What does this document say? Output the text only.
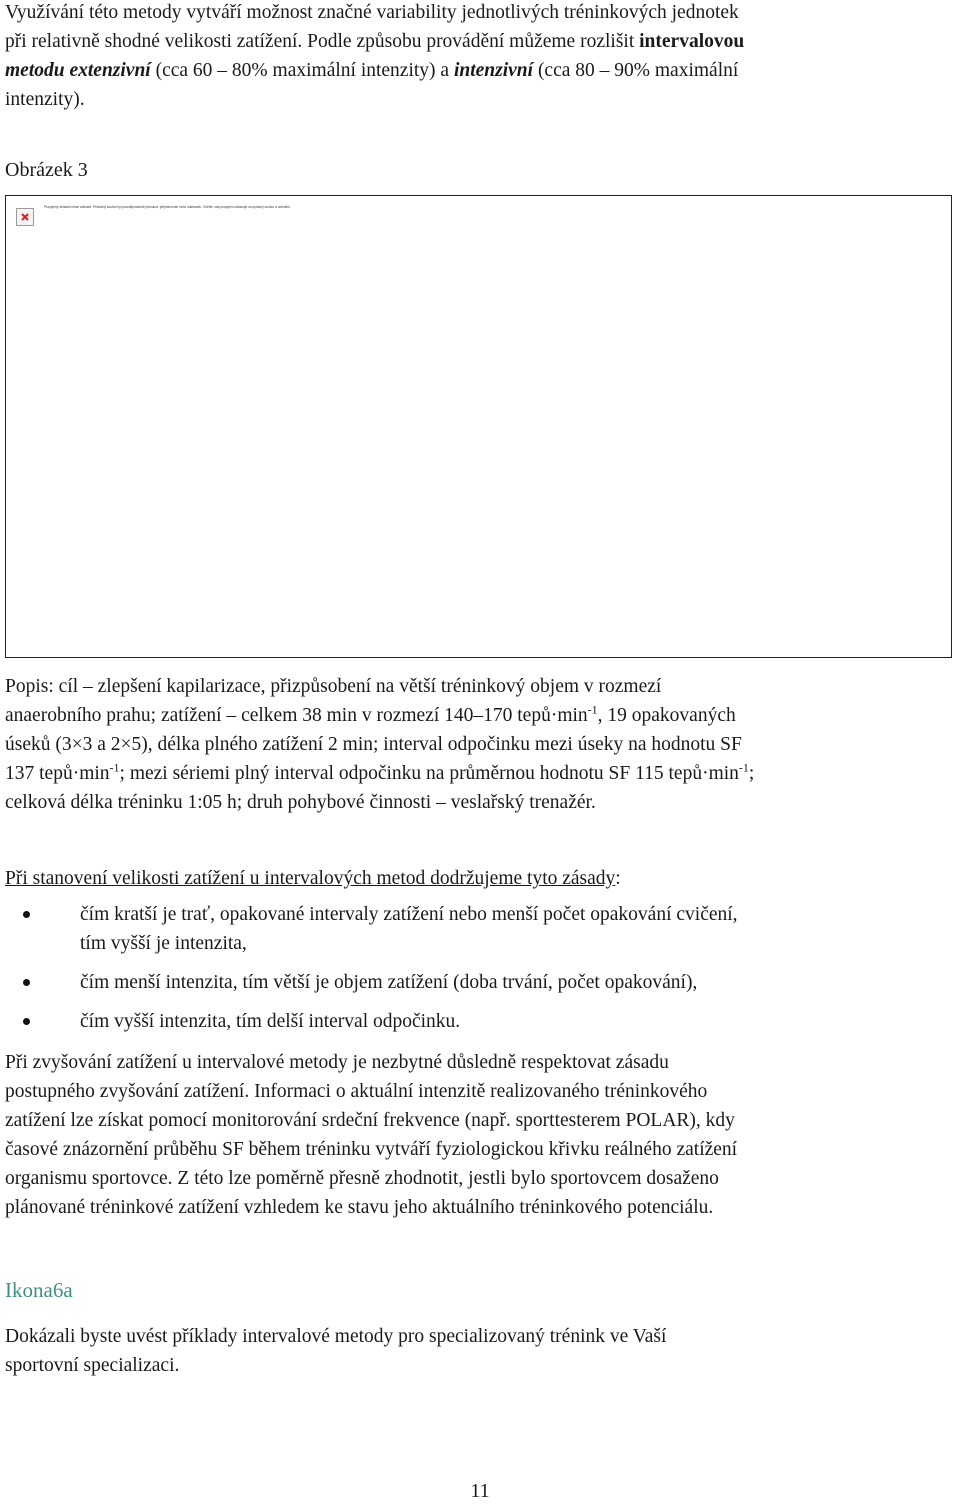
Využívání této metody vytváří možnost značné variability jednotlivých tréninkových jednotek

při relativně shodné velikosti zatížení. Podle způsobu provádění můžeme rozlišit intervalovou

metodu extenzivní (cca 60 – 80% maximální intenzity) a intenzivní (cca 80 – 90% maximální

intenzity).

Obrázek 3
Propojený obrázek nelze zobrazit. Příslušný soubor byl pravděpodobně přesunut, přejmenován nebo odstraněn. Ověřte, zda propojení odkazuje na správný soubor a umístění.

Popis: cíl – zlepšení kapilarizace, přizpůsobení na větší tréninkový objem v rozmezí

anaerobního prahu; zatížení – celkem 38 min v rozmezí 140–170 $tepů\cdot\min^{-1}$, 19 opakovaných

úseků (3×3 a 2×5), délka plného zatížení 2 min; interval odpočinku mezi úseky na hodnotu SF

137 $tepů\cdot\min^{-1}$; mezi sériemi plný interval odpočinku na průměrnou hodnotu SF 115 $tepů\cdot\min^{-1}$;

celková délka tréninku 1:05 h; druh pohybové činnosti – veslařský trenažér.

Při stanovení velikosti zatížení u intervalových metod dodržujeme tyto zásady:
čím kratší je trať, opakované intervaly zatížení nebo menší počet opakování cvičení,
tím vyšší je intenzita,
čím menší intenzita, tím větší je objem zatížení (doba trvání, počet opakování),
čím vyšší intenzita, tím delší interval odpočinku.

Při zvyšování zatížení u intervalové metody je nezbytné důsledně respektovat zásadu

postupného zvyšování zatížení. Informaci o aktuální intenzitě realizovaného tréninkového

zatížení lze získat pomocí monitorování srdeční frekvence (např. sporttesterem POLAR), kdy

časové znázornění průběhu SF během tréninku vytváří fyziologickou křivku reálného zatížení

organismu sportovce. Z této lze poměrně přesně zhodnotit, jestli bylo sportovcem dosaženo

plánované tréninkové zatížení vzhledem ke stavu jeho aktuálního tréninkového potenciálu.

Ikona6a

Dokázali byste uvést příklady intervalové metody pro specializovaný trénink ve Vaší

sportovní specializaci.

11
